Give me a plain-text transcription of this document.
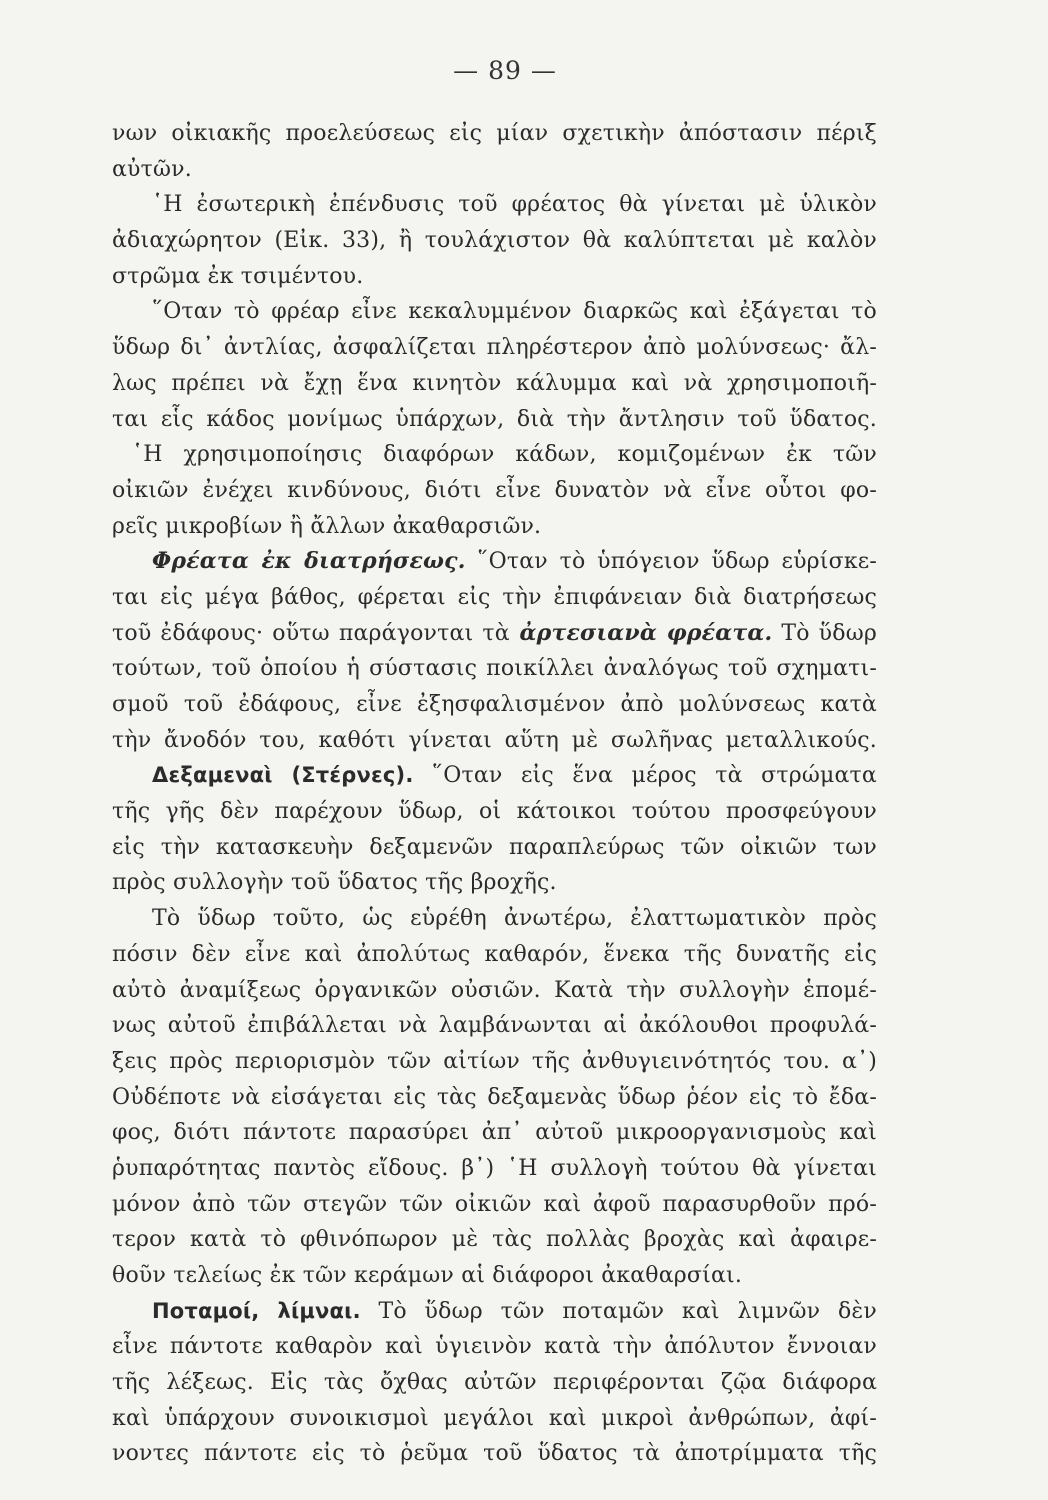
— 89 —
νων οἰκιακῆς προελεύσεως εἰς μίαν σχετικὴν ἀπόστασιν πέριξ
αὐτῶν.
῾Η ἐσωτερικὴ ἐπένδυσις τοῦ φρέατος θὰ γίνεται μὲ ὑλικὸν
ἀδιαχώρητον (Εἰκ. 33), ἢ τουλάχιστον θὰ καλύπτεται μὲ καλὸν
στρῶμα ἐκ τσιμέντου.
῞Οταν τὸ φρέαρ εἶνε κεκαλυμμένον διαρκῶς καὶ ἐξάγεται τὸ
ὕδωρ δι᾿ ἀντλίας, ἀσφαλίζεται πληρέστερον ἀπὸ μολύνσεως· ἄλ-
λως πρέπει νὰ ἔχῃ ἕνα κινητὸν κάλυμμα καὶ νὰ χρησιμοποιῆ-
ται εἷς κάδος μονίμως ὑπάρχων, διὰ τὴν ἄντλησιν τοῦ ὕδατος.
῾Η χρησιμοποίησις διαφόρων κάδων, κομιζομένων ἐκ τῶν
οἰκιῶν ἐνέχει κινδύνους, διότι εἶνε δυνατὸν νὰ εἶνε οὗτοι φο-
ρεῖς μικροβίων ἢ ἄλλων ἀκαθαρσιῶν.
Φρέατα ἐκ διατρήσεως. ῞Οταν τὸ ὑπόγειον ὕδωρ εὑρίσκε-
ται εἰς μέγα βάθος, φέρεται εἰς τὴν ἐπιφάνειαν διὰ διατρήσεως
τοῦ ἐδάφους· οὕτω παράγονται τὰ ἀρτεσιανὰ φρέατα. Τὸ ὕδωρ
τούτων, τοῦ ὁποίου ἡ σύστασις ποικίλλει ἀναλόγως τοῦ σχηματι-
σμοῦ τοῦ ἐδάφους, εἶνε ἐξησφαλισμένον ἀπὸ μολύνσεως κατὰ
τὴν ἄνοδόν του, καθότι γίνεται αὕτη μὲ σωλῆνας μεταλλικούς.
Δεξαμεναὶ (Στέρνες). ῞Οταν εἰς ἕνα μέρος τὰ στρώματα
τῆς γῆς δὲν παρέχουν ὕδωρ, οἱ κάτοικοι τούτου προσφεύγουν
εἰς τὴν κατασκευὴν δεξαμενῶν παραπλεύρως τῶν οἰκιῶν των
πρὸς συλλογὴν τοῦ ὕδατος τῆς βροχῆς.
Τὸ ὕδωρ τοῦτο, ὡς εὑρέθη ἀνωτέρω, ἐλαττωματικὸν πρὸς
πόσιν δὲν εἶνε καὶ ἀπολύτως καθαρόν, ἕνεκα τῆς δυνατῆς εἰς
αὐτὸ ἀναμίξεως ὀργανικῶν οὐσιῶν. Κατὰ τὴν συλλογὴν ἑπομέ-
νως αὐτοῦ ἐπιβάλλεται νὰ λαμβάνωνται αἱ ἀκόλουθοι προφυλά-
ξεις πρὸς περιορισμὸν τῶν αἰτίων τῆς ἀνθυγιεινότητός του. α᾿)
Οὐδέποτε νὰ εἰσάγεται εἰς τὰς δεξαμενὰς ὕδωρ ῥέον εἰς τὸ ἔδα-
φος, διότι πάντοτε παρασύρει ἀπ᾿ αὐτοῦ μικροοργανισμοὺς καὶ
ῥυπαρότητας παντὸς εἴδους. β᾿) ῾Η συλλογὴ τούτου θὰ γίνεται
μόνον ἀπὸ τῶν στεγῶν τῶν οἰκιῶν καὶ ἀφοῦ παρασυρθοῦν πρό-
τερον κατὰ τὸ φθινόπωρον μὲ τὰς πολλὰς βροχὰς καὶ ἀφαιρε-
θοῦν τελείως ἐκ τῶν κεράμων αἱ διάφοροι ἀκαθαρσίαι.
Ποταμοί, λίμναι. Τὸ ὕδωρ τῶν ποταμῶν καὶ λιμνῶν δὲν
εἶνε πάντοτε καθαρὸν καὶ ὑγιεινὸν κατὰ τὴν ἀπόλυτον ἔννοιαν
τῆς λέξεως. Εἰς τὰς ὄχθας αὐτῶν περιφέρονται ζῷα διάφορα
καὶ ὑπάρχουν συνοικισμοὶ μεγάλοι καὶ μικροὶ ἀνθρώπων, ἀφί-
νοντες πάντοτε εἰς τὸ ῥεῦμα τοῦ ὕδατος τὰ ἀποτρίμματα τῆς
